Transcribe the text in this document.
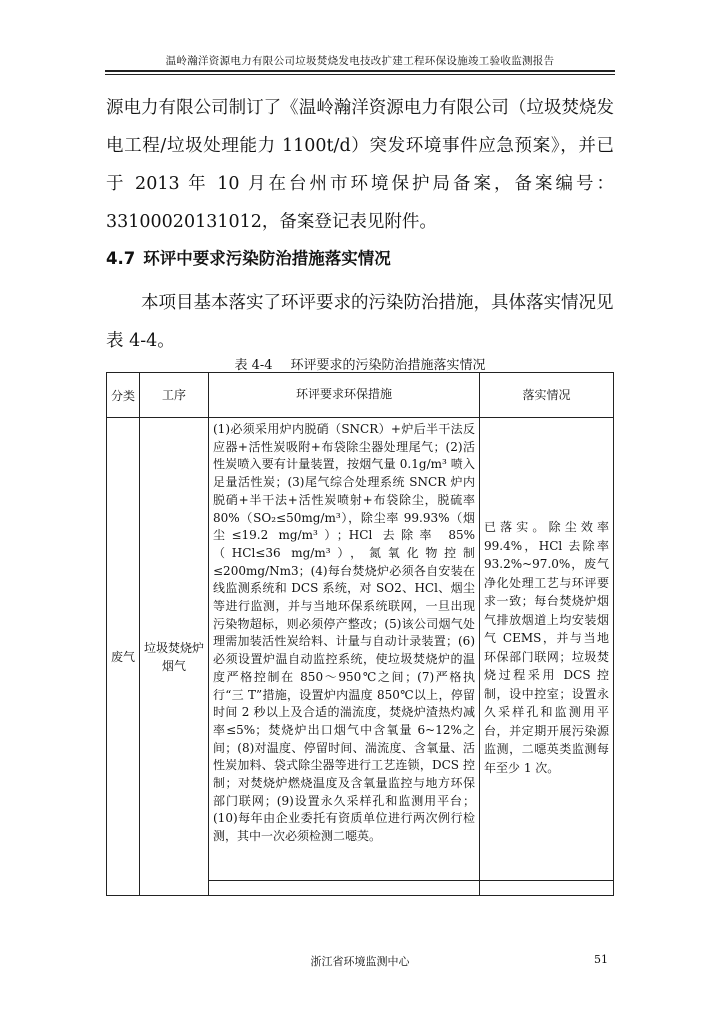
温岭瀚洋资源电力有限公司垃圾焚烧发电技改扩建工程环保设施竣工验收监测报告
源电力有限公司制订了《温岭瀚洋资源电力有限公司（垃圾焚烧发电工程/垃圾处理能力 1100t/d）突发环境事件应急预案》，并已于 2013 年 10 月在台州市环境保护局备案，备案编号：33100020131012，备案登记表见附件。
4.7 环评中要求污染防治措施落实情况
本项目基本落实了环评要求的污染防治措施，具体落实情况见表 4-4。
表 4-4 环评要求的污染防治措施落实情况
分类	工序	环评要求环保措施	落实情况
废气	垃圾焚烧炉烟气	(1)必须采用炉内脱硝（SNCR）+炉后半干法反应器+活性炭吸附+布袋除尘器处理尾气；(2)活性炭喷入要有计量装置，按烟气量 0.1g/m³ 喷入足量活性炭；(3)尾气综合处理系统 SNCR 炉内脱硝+半干法+活性炭喷射+布袋除尘，脱硫率 80%（SO₂≤50mg/m³），除尘率 99.93%（烟尘≤19.2 mg/m³）；HCl 去除率 85%（HCl≤36 mg/m³），氮氧化物控制≤200mg/Nm3；(4)每台焚烧炉必须各自安装在线监测系统和 DCS 系统，对 SO2、HCl、烟尘等进行监测，并与当地环保系统联网，一旦出现污染物超标，则必须停产整改；(5)该公司烟气处理需加装活性炭给料、计量与自动计录装置；(6)必须设置炉温自动监控系统，使垃圾焚烧炉的温度严格控制在 850～950℃之间；(7)严格执行“三 T”措施，设置炉内温度 850℃以上，停留时间 2 秒以上及合适的湍流度，焚烧炉渣热灼减率≤5%；焚烧炉出口烟气中含氧量 6~12%之间；(8)对温度、停留时间、湍流度、含氧量、活性炭加料、袋式除尘器等进行工艺连锁，DCS 控制；对焚烧炉燃烧温度及含氧量监控与地方环保部门联网；(9)设置永久采样孔和监测用平台；(10)每年由企业委托有资质单位进行两次例行检测，其中一次必须检测二噁英。	已落实。除尘效率 99.4%，HCl 去除率 93.2%~97.0%，废气净化处理工艺与环评要求一致；每台焚烧炉烟气排放烟道上均安装烟气 CEMS，并与当地环保部门联网；垃圾焚烧过程采用 DCS 控制，设中控室；设置永久采样孔和监测用平台，并定期开展污染源监测，二噁英类监测每年至少 1 次。

浙江省环境监测中心	51
